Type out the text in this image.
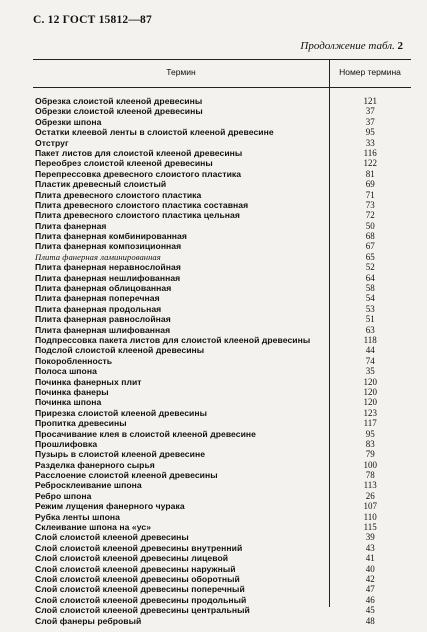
С. 12 ГОСТ 15812—87
Продолжение табл. 2
Термин	Номер термина
Обрезка слоистой клееной древесины	121
Обрезки слоистой клееной древесины	37
Обрезки шпона	37
Остатки клеевой ленты в слоистой клееной древесине	95
Отструг	33
Пакет листов для слоистой клееной древесины	116
Переобрез слоистой клееной древесины	122
Перепрессовка древесного слоистого пластика	81
Пластик древесный слоистый	69
Плита древесного слоистого пластика	71
Плита древесного слоистого пластика составная	73
Плита древесного слоистого пластика цельная	72
Плита фанерная	50
Плита фанерная комбинированная	68
Плита фанерная композиционная	67
Плита фанерная ламинированная	65
Плита фанерная неравнослойная	52
Плита фанерная нешлифованная	64
Плита фанерная облицованная	58
Плита фанерная поперечная	54
Плита фанерная продольная	53
Плита фанерная равнослойная	51
Плита фанерная шлифованная	63
Подпрессовка пакета листов для слоистой клееной древесины	118
Подслой слоистой клееной древесины	44
Покоробленность	74
Полоса шпона	35
Починка фанерных плит	120
Починка фанеры	120
Починка шпона	120
Прирезка слоистой клееной древесины	123
Пропитка древесины	117
Просачивание клея в слоистой клееной древесине	95
Прошлифовка	83
Пузырь в слоистой клееной древесине	79
Разделка фанерного сырья	100
Расслоение слоистой клееной древесины	78
Ребросклеивание шпона	113
Ребро шпона	26
Режим лущения фанерного чурака	107
Рубка ленты шпона	110
Склеивание шпона на «ус»	115
Слой слоистой клееной древесины	39
Слой слоистой клееной древесины внутренний	43
Слой слоистой клееной древесины лицевой	41
Слой слоистой клееной древесины наружный	40
Слой слоистой клееной древесины оборотный	42
Слой слоистой клееной древесины поперечный	47
Слой слоистой клееной древесины продольный	46
Слой слоистой клееной древесины центральный	45
Слой фанеры ребровый	48
